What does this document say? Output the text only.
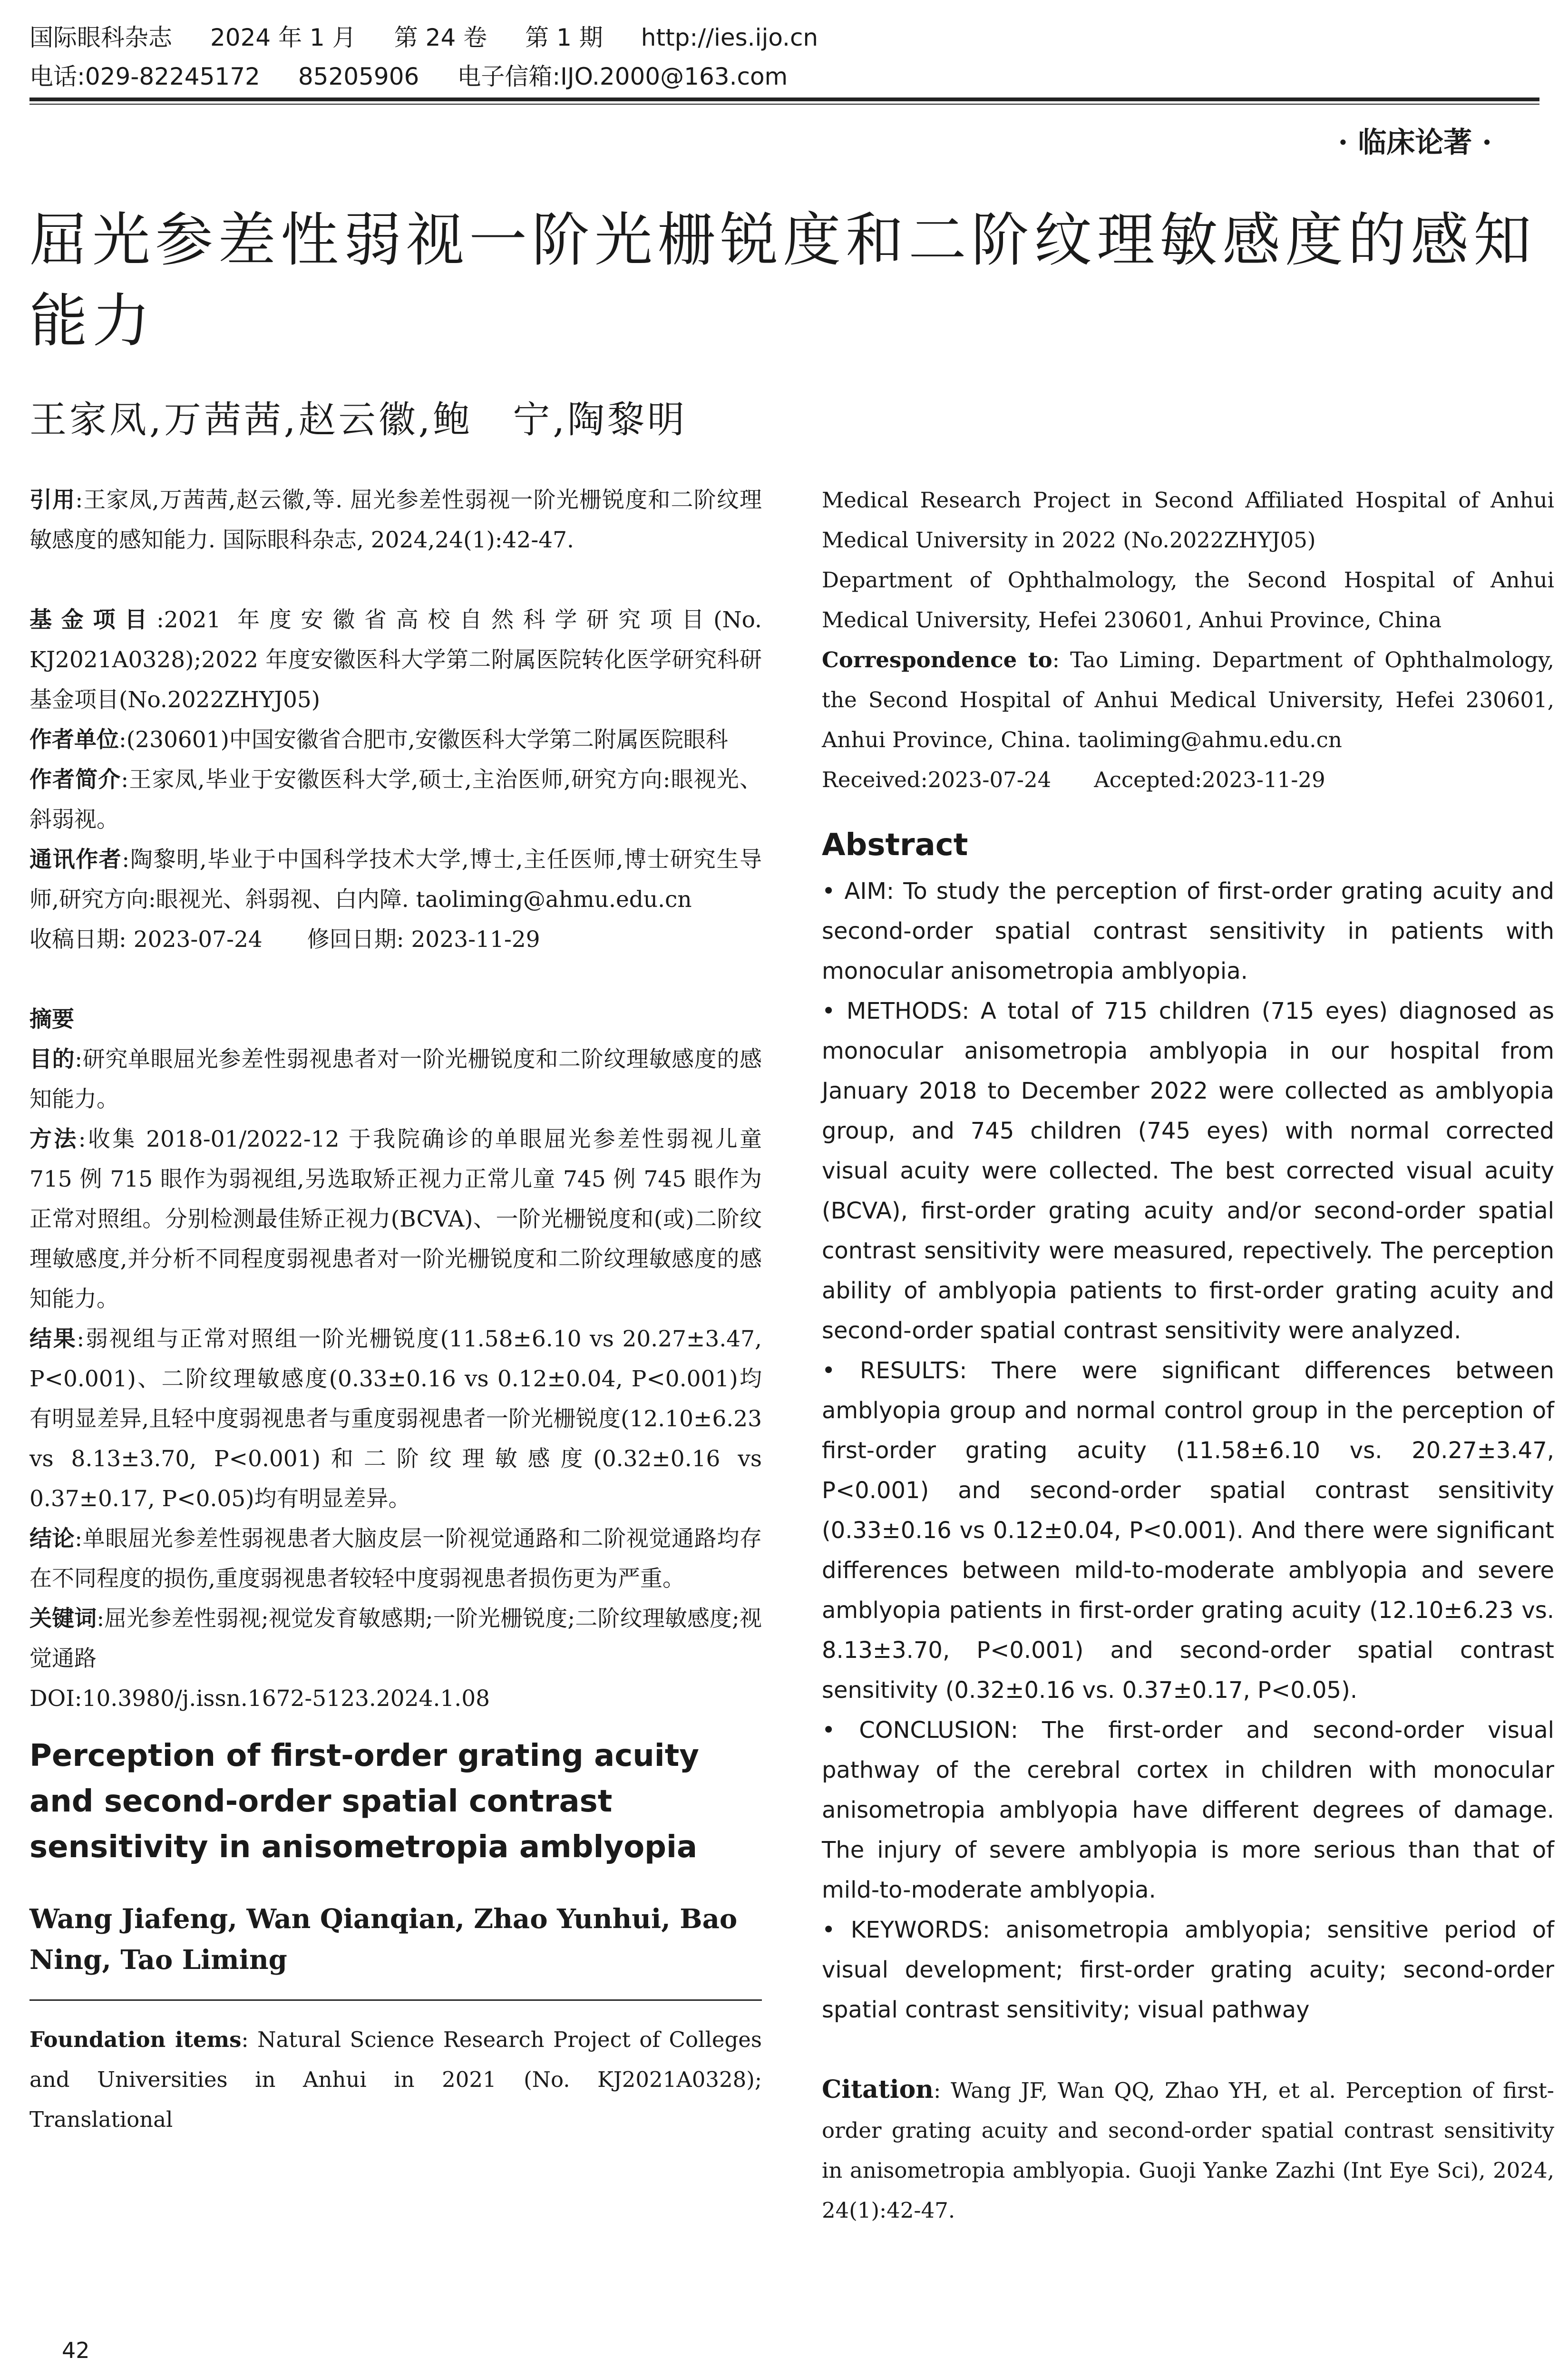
国际眼科杂志 2024 年 1 月 第 24 卷 第 1 期 http://ies.ijo.cn
电话:029-82245172 85205906 电子信箱:IJO.2000@163.com
· 临床论著 ·
屈光参差性弱视一阶光栅锐度和二阶纹理敏感度的感知能力
王家凤,万茜茜,赵云徽,鲍　宁,陶黎明

引用:王家凤,万茜茜,赵云徽,等. 屈光参差性弱视一阶光栅锐度和二阶纹理敏感度的感知能力. 国际眼科杂志, 2024,24(1):42-47.

基金项目:2021 年度安徽省高校自然科学研究项目(No. KJ2021A0328);2022 年度安徽医科大学第二附属医院转化医学研究科研基金项目(No.2022ZHYJ05)

作者单位:(230601)中国安徽省合肥市,安徽医科大学第二附属医院眼科

作者简介:王家凤,毕业于安徽医科大学,硕士,主治医师,研究方向:眼视光、斜弱视。

通讯作者:陶黎明,毕业于中国科学技术大学,博士,主任医师,博士研究生导师,研究方向:眼视光、斜弱视、白内障. taoliming@ahmu.edu.cn

收稿日期: 2023-07-24　　修回日期: 2023-11-29

摘要

目的:研究单眼屈光参差性弱视患者对一阶光栅锐度和二阶纹理敏感度的感知能力。

方法:收集 2018-01/2022-12 于我院确诊的单眼屈光参差性弱视儿童 715 例 715 眼作为弱视组,另选取矫正视力正常儿童 745 例 745 眼作为正常对照组。分别检测最佳矫正视力(BCVA)、一阶光栅锐度和(或)二阶纹理敏感度,并分析不同程度弱视患者对一阶光栅锐度和二阶纹理敏感度的感知能力。

结果:弱视组与正常对照组一阶光栅锐度(11.58±6.10 vs 20.27±3.47, P<0.001)、二阶纹理敏感度(0.33±0.16 vs 0.12±0.04, P<0.001)均有明显差异,且轻中度弱视患者与重度弱视患者一阶光栅锐度(12.10±6.23 vs 8.13±3.70, P<0.001)和二阶纹理敏感度(0.32±0.16 vs 0.37±0.17, P<0.05)均有明显差异。

结论:单眼屈光参差性弱视患者大脑皮层一阶视觉通路和二阶视觉通路均存在不同程度的损伤,重度弱视患者较轻中度弱视患者损伤更为严重。

关键词:屈光参差性弱视;视觉发育敏感期;一阶光栅锐度;二阶纹理敏感度;视觉通路

DOI:10.3980/j.issn.1672-5123.2024.1.08

Perception of first-order grating acuity and second-order spatial contrast sensitivity in anisometropia amblyopia

Wang Jiafeng, Wan Qianqian, Zhao Yunhui, Bao Ning, Tao Liming

Foundation items: Natural Science Research Project of Colleges and Universities in Anhui in 2021 (No. KJ2021A0328); Translational

Medical Research Project in Second Affiliated Hospital of Anhui Medical University in 2022 (No.2022ZHYJ05)

Department of Ophthalmology, the Second Hospital of Anhui Medical University, Hefei 230601, Anhui Province, China

Correspondence to: Tao Liming. Department of Ophthalmology, the Second Hospital of Anhui Medical University, Hefei 230601, Anhui Province, China. taoliming@ahmu.edu.cn

Received:2023-07-24　　Accepted:2023-11-29

Abstract

• AIM: To study the perception of first-order grating acuity and second-order spatial contrast sensitivity in patients with monocular anisometropia amblyopia.

• METHODS: A total of 715 children (715 eyes) diagnosed as monocular anisometropia amblyopia in our hospital from January 2018 to December 2022 were collected as amblyopia group, and 745 children (745 eyes) with normal corrected visual acuity were collected. The best corrected visual acuity (BCVA), first-order grating acuity and/or second-order spatial contrast sensitivity were measured, repectively. The perception ability of amblyopia patients to first-order grating acuity and second-order spatial contrast sensitivity were analyzed.

• RESULTS: There were significant differences between amblyopia group and normal control group in the perception of first-order grating acuity (11.58±6.10 vs. 20.27±3.47, P<0.001) and second-order spatial contrast sensitivity (0.33±0.16 vs 0.12±0.04, P<0.001). And there were significant differences between mild-to-moderate amblyopia and severe amblyopia patients in first-order grating acuity (12.10±6.23 vs. 8.13±3.70, P<0.001) and second-order spatial contrast sensitivity (0.32±0.16 vs. 0.37±0.17, P<0.05).

• CONCLUSION: The first-order and second-order visual pathway of the cerebral cortex in children with monocular anisometropia amblyopia have different degrees of damage. The injury of severe amblyopia is more serious than that of mild-to-moderate amblyopia.

• KEYWORDS: anisometropia amblyopia; sensitive period of visual development; first-order grating acuity; second-order spatial contrast sensitivity; visual pathway

Citation: Wang JF, Wan QQ, Zhao YH, et al. Perception of first-order grating acuity and second-order spatial contrast sensitivity in anisometropia amblyopia. Guoji Yanke Zazhi (Int Eye Sci), 2024, 24(1):42-47.

42
